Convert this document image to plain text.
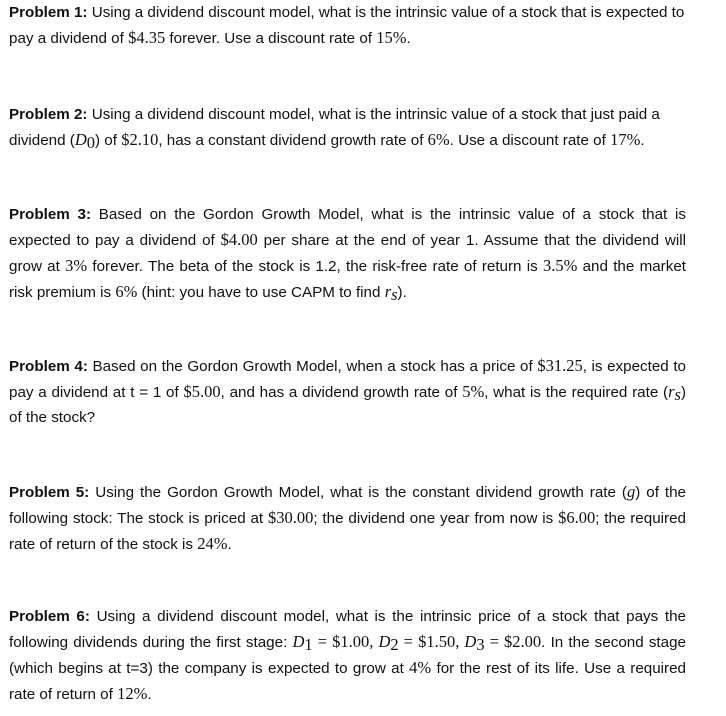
Problem 1: Using a dividend discount model, what is the intrinsic value of a stock that is expected to pay a dividend of $4.35 forever. Use a discount rate of 15%.
Problem 2: Using a dividend discount model, what is the intrinsic value of a stock that just paid a dividend $(D_0)$ of $2.10, has a constant dividend growth rate of 6%. Use a discount rate of 17%.
Problem 3: Based on the Gordon Growth Model, what is the intrinsic value of a stock that is expected to pay a dividend of $4.00 per share at the end of year 1. Assume that the dividend will grow at 3% forever. The beta of the stock is 1.2, the risk-free rate of return is 3.5% and the market risk premium is 6% (hint: you have to use CAPM to find $r_s$).
Problem 4: Based on the Gordon Growth Model, when a stock has a price of $31.25, is expected to pay a dividend at t = 1 of $5.00, and has a dividend growth rate of 5%, what is the required rate $(r_s)$ of the stock?
Problem 5: Using the Gordon Growth Model, what is the constant dividend growth rate (g) of the following stock: The stock is priced at $30.00; the dividend one year from now is $6.00; the required rate of return of the stock is 24%.
Problem 6: Using a dividend discount model, what is the intrinsic price of a stock that pays the following dividends during the first stage: $D_1$ = $1.00, $D_2$ = $1.50, $D_3$ = $2.00. In the second stage (which begins at t=3) the company is expected to grow at 4% for the rest of its life. Use a required rate of return of 12%.
